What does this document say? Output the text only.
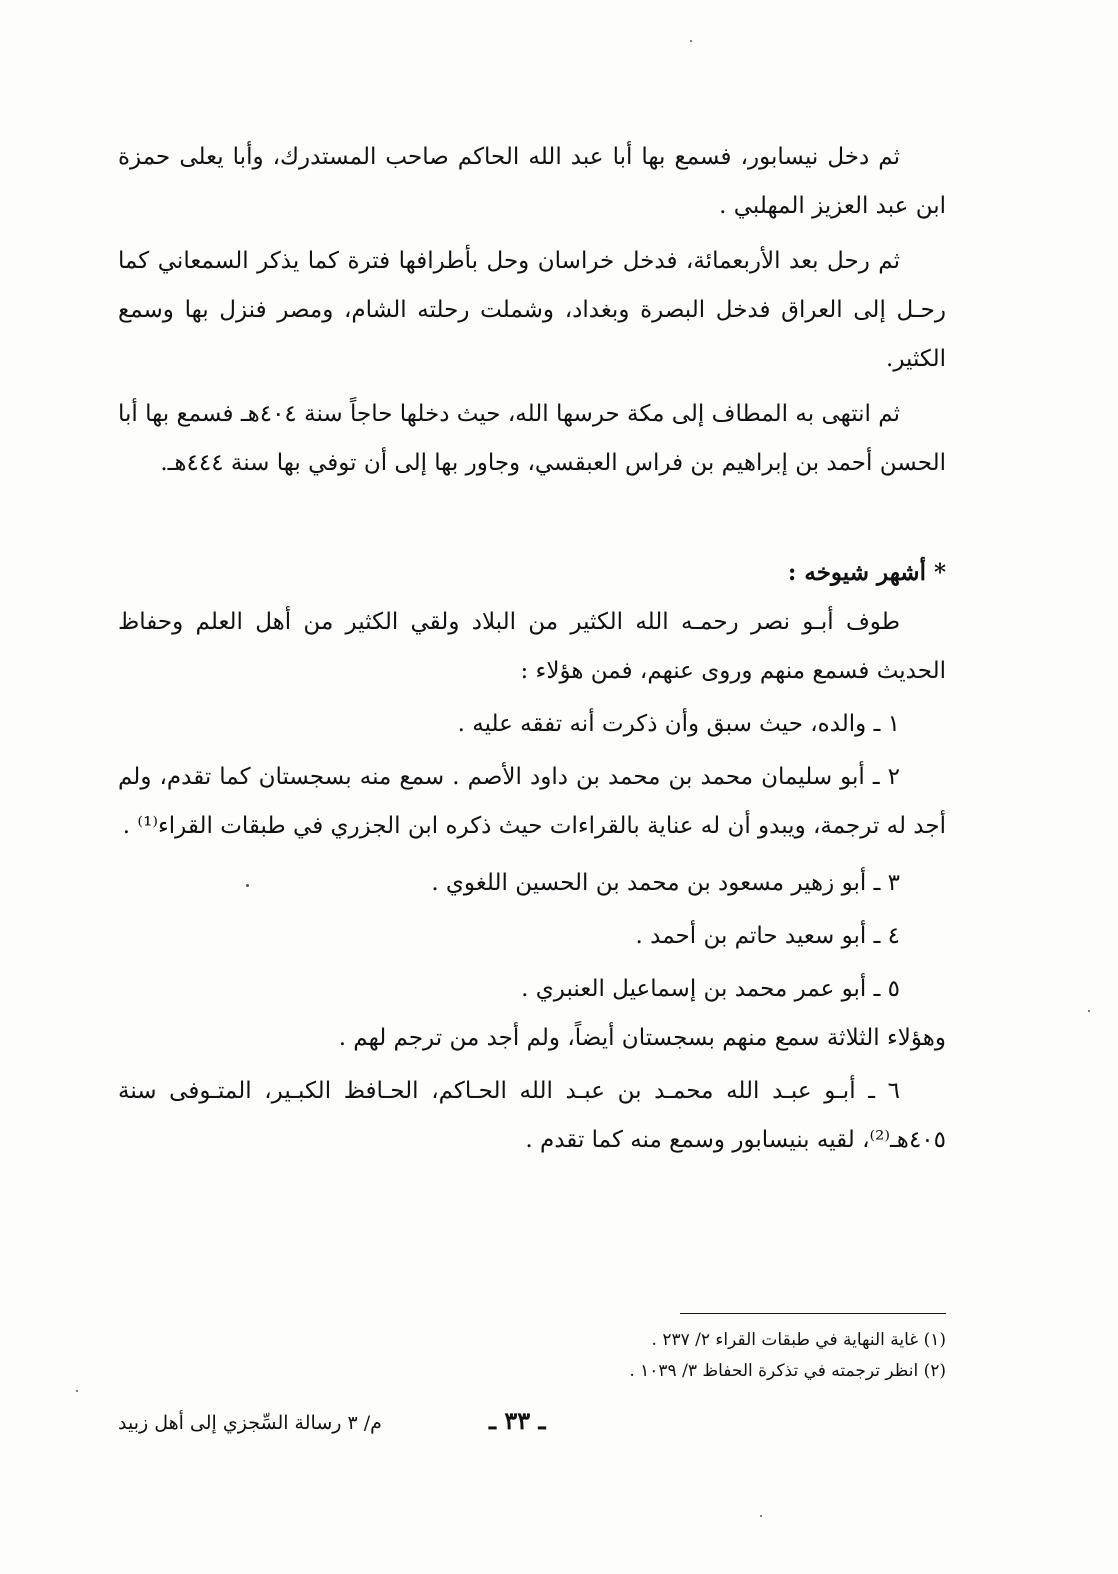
ثم دخل نيسابور، فسمع بها أبا عبد الله الحاكم صاحب المستدرك، وأبا يعلى حمزة ابن عبد العزيز المهلبي .

ثم رحل بعد الأربعمائة، فدخل خراسان وحل بأطرافها فترة كما يذكر السمعاني كما رحـل إلى العراق فدخل البصرة وبغداد، وشملت رحلته الشام، ومصر فنزل بها وسمع الكثير.

ثم انتهى به المطاف إلى مكة حرسها الله، حيث دخلها حاجاً سنة ٤٠٤هـ فسمع بها أبا الحسن أحمد بن إبراهيم بن فراس العبقسي، وجاور بها إلى أن توفي بها سنة ٤٤٤هـ.

* أشهر شيوخه :

طوف أبـو نصر رحمـه الله الكثير من البلاد ولقي الكثير من أهل العلم وحفاظ الحديث فسمع منهم وروى عنهم، فمن هؤلاء :

١ ـ والده، حيث سبق وأن ذكرت أنه تفقه عليه .

٢ ـ أبو سليمان محمد بن محمد بن داود الأصم . سمع منه بسجستان كما تقدم، ولم أجد له ترجمة، ويبدو أن له عناية بالقراءات حيث ذكره ابن الجزري في طبقات القراء⁽¹⁾ .

٣ ـ أبو زهير مسعود بن محمد بن الحسين اللغوي .

٤ ـ أبو سعيد حاتم بن أحمد .

٥ ـ أبو عمر محمد بن إسماعيل العنبري .

وهؤلاء الثلاثة سمع منهم بسجستان أيضاً، ولم أجد من ترجم لهم .

٦ ـ أبـو عبـد الله محمـد بن عبـد الله الحـاكم، الحـافظ الكبـير، المتـوفى سنة ٤٠٥هـ⁽²⁾، لقيه بنيسابور وسمع منه كما تقدم .

(١) غاية النهاية في طبقات القراء ٢/ ٢٣٧ .

(٢) انظر ترجمته في تذكرة الحفاظ ٣/ ١٠٣٩ .

ـ ٣٣ ـ
م/ ٣ رسالة السِّجزي إلى أهل زبيد
